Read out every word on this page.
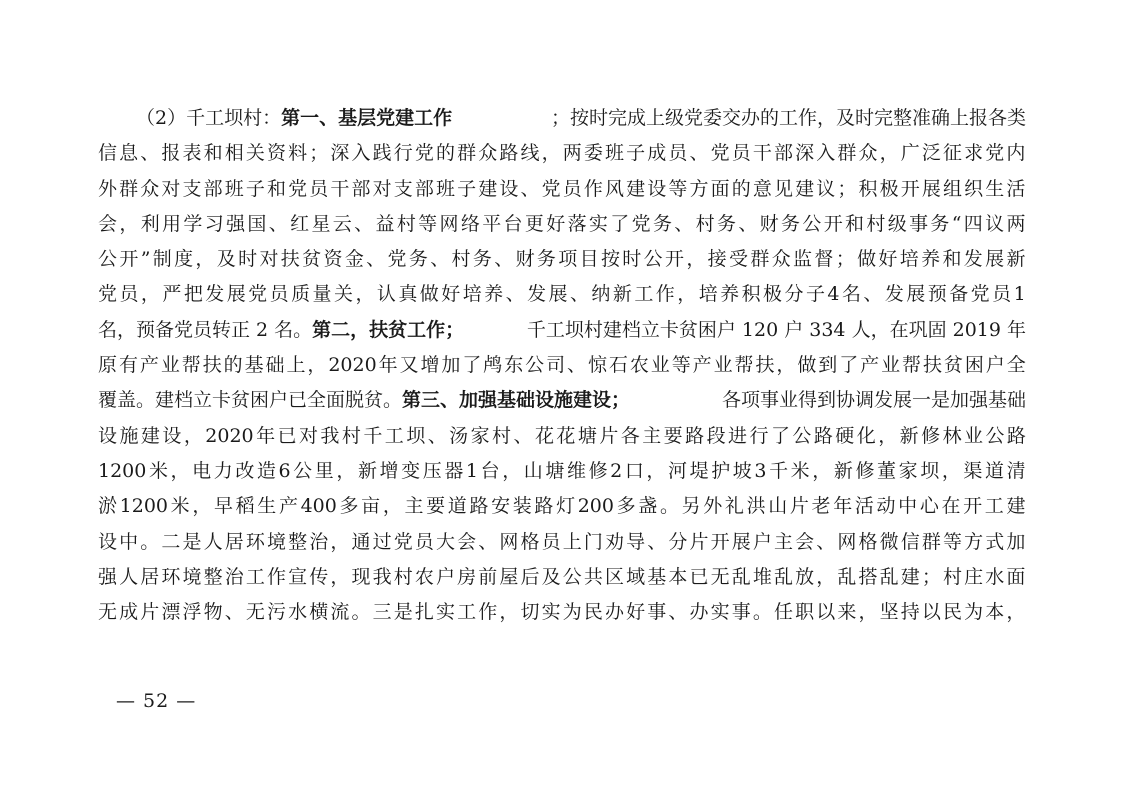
（2）千工坝村： 第一、基层党建工作	；按时完成上级党委交办的工作，及时完整准确上报各类
信 息 、 报 表 和 相 关 资 料 ； 深 入 践 行 党 的 群 众 路 线 ， 两 委 班 子 成 员 、 党 员 干 部 深 入 群 众 ， 广 泛 征 求 党 内
外 群 众 对 支 部 班 子 和 党 员 干 部 对 支 部 班 子 建 设 、 党 员 作 风 建 设 等 方 面 的 意 见 建 议 ； 积 极 开 展 组 织 生 活
会 ， 利 用 学 习 强 国 、 红 星 云 、 益 村 等 网 络 平 台 更 好 落 实 了 党 务 、 村 务 、 财 务 公 开 和 村 级 事 务 “ 四 议 两
公 开 ” 制 度 ， 及 时 对 扶 贫 资 金 、 党 务 、 村 务 、 财 务 项 目 按 时 公 开 ， 接 受 群 众 监 督 ； 做 好 培 养 和 发 展 新
党 员 ， 严 把 发 展 党 员 质 量 关 ， 认 真 做 好 培 养 、 发 展 、 纳 新 工 作 ， 培 养 积 极 分 子 4 名 、 发 展 预 备 党 员 1
名，预备党员转正 2 名。 第二，扶贫工作；	千工坝村建档立卡贫困户 120 户 334 人，在巩固 2019 年
原 有 产 业 帮 扶 的 基 础 上 ， 2020 年 又 增 加 了 鸬 东 公 司 、 惊 石 农 业 等 产 业 帮 扶 ， 做 到 了 产 业 帮 扶 贫 困 户 全
覆盖。建档立卡贫困户已全面脱贫。 第三、加强基础设施建设；	各项事业得到协调发展一是加强基础
设 施 建 设 ， 2020 年 已 对 我 村 千 工 坝 、 汤 家 村 、 花 花 塘 片 各 主 要 路 段 进 行 了 公 路 硬 化 ， 新 修 林 业 公 路
1200 米 ， 电 力 改 造 6 公 里 ， 新 增 变 压 器 1 台 ， 山 塘 维 修 2 口 ， 河 堤 护 坡 3 千 米 ， 新 修 董 家 坝 ， 渠 道 清
淤 1200 米 ， 早 稻 生 产 400 多 亩 ， 主 要 道 路 安 装 路 灯 200 多 盏 。 另 外 礼 洪 山 片 老 年 活 动 中 心 在 开 工 建
设 中 。 二 是 人 居 环 境 整 治 ， 通 过 党 员 大 会 、 网 格 员 上 门 劝 导 、 分 片 开 展 户 主 会 、 网 格 微 信 群 等 方 式 加
强 人 居 环 境 整 治 工 作 宣 传 ， 现 我 村 农 户 房 前 屋 后 及 公 共 区 域 基 本 已 无 乱 堆 乱 放 ， 乱 搭 乱 建 ； 村 庄 水 面
无 成 片 漂 浮 物 、 无 污 水 横 流 。 三 是 扎 实 工 作 ， 切 实 为 民 办 好 事 、 办 实 事 。 任 职 以 来 ， 坚 持 以 民 为 本 ，
— 52 —
